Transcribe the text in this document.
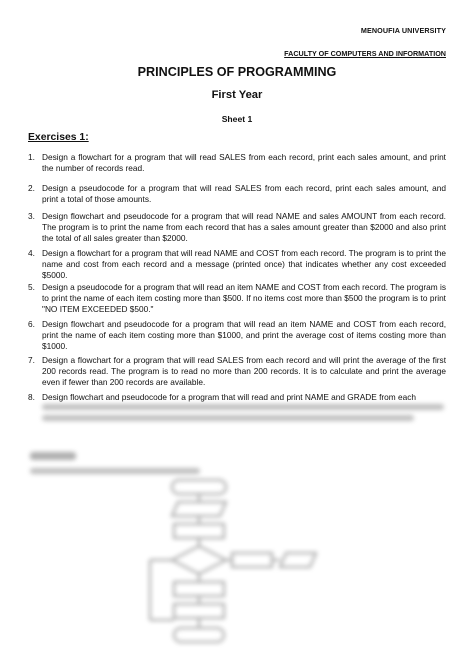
MENOUFIA UNIVERSITY
FACULTY OF COMPUTERS AND INFORMATION
PRINCIPLES OF PROGRAMMING
First Year
Sheet 1
Exercises 1:
1. Design a flowchart for a program that will read SALES from each record, print each sales amount, and print the number of records read.
2. Design a pseudocode for a program that will read SALES from each record, print each sales amount, and print a total of those amounts.
3. Design flowchart and pseudocode for a program that will read NAME and sales AMOUNT from each record. The program is to print the name from each record that has a sales amount greater than $2000 and also print the total of all sales greater than $2000.
4. Design a flowchart for a program that will read NAME and COST from each record. The program is to print the name and cost from each record and a message (printed once) that indicates whether any cost exceeded $5000.
5. Design a pseudocode for a program that will read an item NAME and COST from each record. The program is to print the name of each item costing more than $500. If no items cost more than $500 the program is to print "NO ITEM EXCEEDED $500."
6. Design flowchart and pseudocode for a program that will read an item NAME and COST from each record, print the name of each item costing more than $1000, and print the average cost of items costing more than $1000.
7. Design a flowchart for a program that will read SALES from each record and will print the average of the first 200 records read. The program is to read no more than 200 records. It is to calculate and print the average even if fewer than 200 records are available.
8. Design flowchart and pseudocode for a program that will read and print NAME and GRADE from each
